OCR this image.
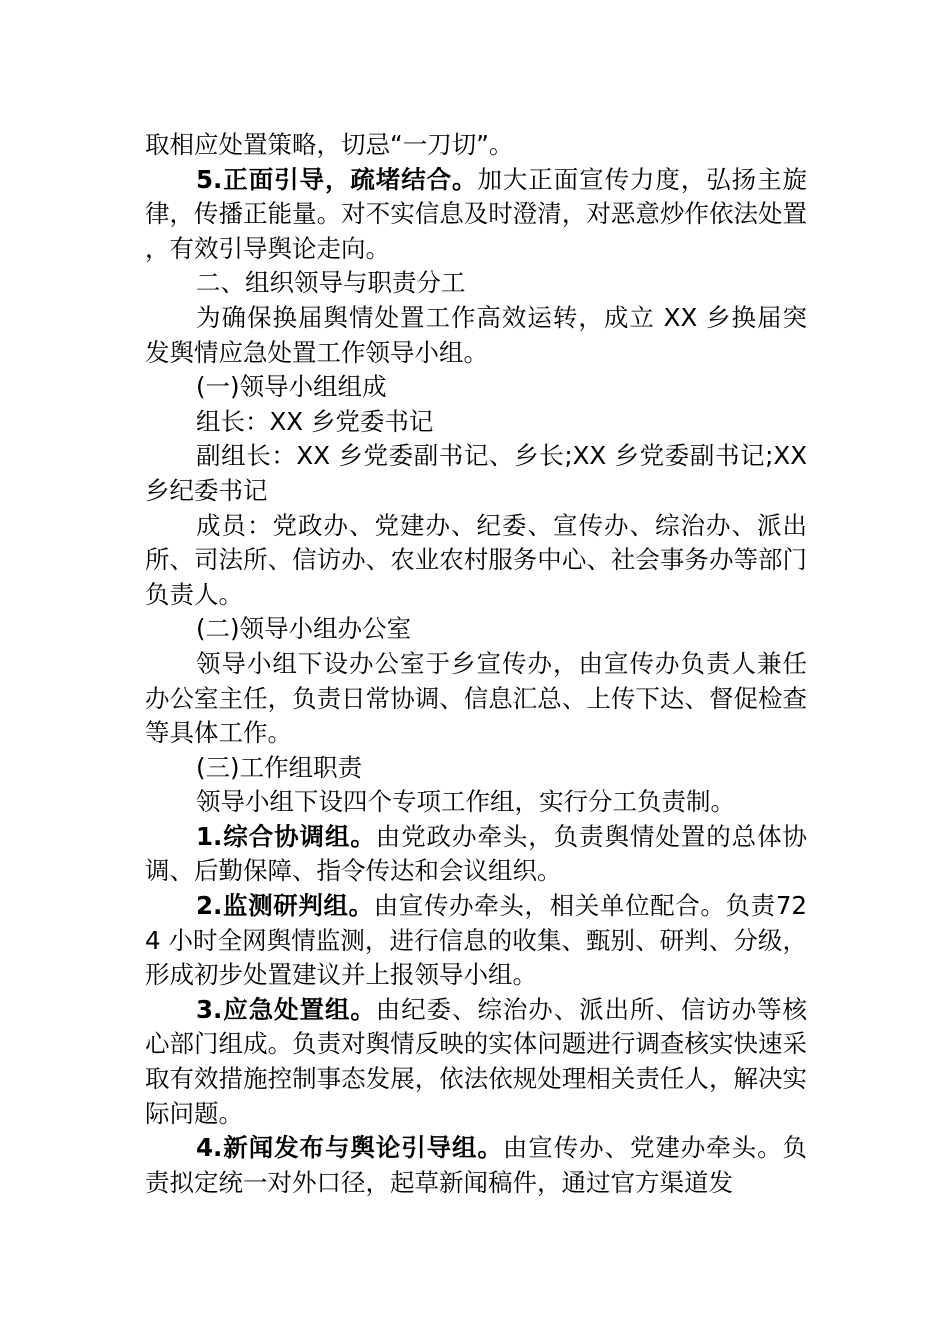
取相应处置策略，切忌“一刀切”。

5.正面引导，疏堵结合。加大正面宣传力度，弘扬主旋律，传播正能量。对不实信息及时澄清，对恶意炒作依法处置，有效引导舆论走向。

二、组织领导与职责分工

为确保换届舆情处置工作高效运转，成立 XX 乡换届突发舆情应急处置工作领导小组。

(一)领导小组组成

组长：XX 乡党委书记

副组长：XX 乡党委副书记、乡长;XX 乡党委副书记;XX 乡纪委书记

成员：党政办、党建办、纪委、宣传办、综治办、派出所、司法所、信访办、农业农村服务中心、社会事务办等部门负责人。

(二)领导小组办公室

领导小组下设办公室于乡宣传办，由宣传办负责人兼任办公室主任，负责日常协调、信息汇总、上传下达、督促检查等具体工作。

(三)工作组职责

领导小组下设四个专项工作组，实行分工负责制。

1.综合协调组。由党政办牵头，负责舆情处置的总体协调、后勤保障、指令传达和会议组织。

2.监测研判组。由宣传办牵头，相关单位配合。负责724 小时全网舆情监测，进行信息的收集、甄别、研判、分级，形成初步处置建议并上报领导小组。

3.应急处置组。由纪委、综治办、派出所、信访办等核心部门组成。负责对舆情反映的实体问题进行调查核实快速采取有效措施控制事态发展，依法依规处理相关责任人，解决实际问题。

4.新闻发布与舆论引导组。由宣传办、党建办牵头。负责拟定统一对外口径，起草新闻稿件，通过官方渠道发
